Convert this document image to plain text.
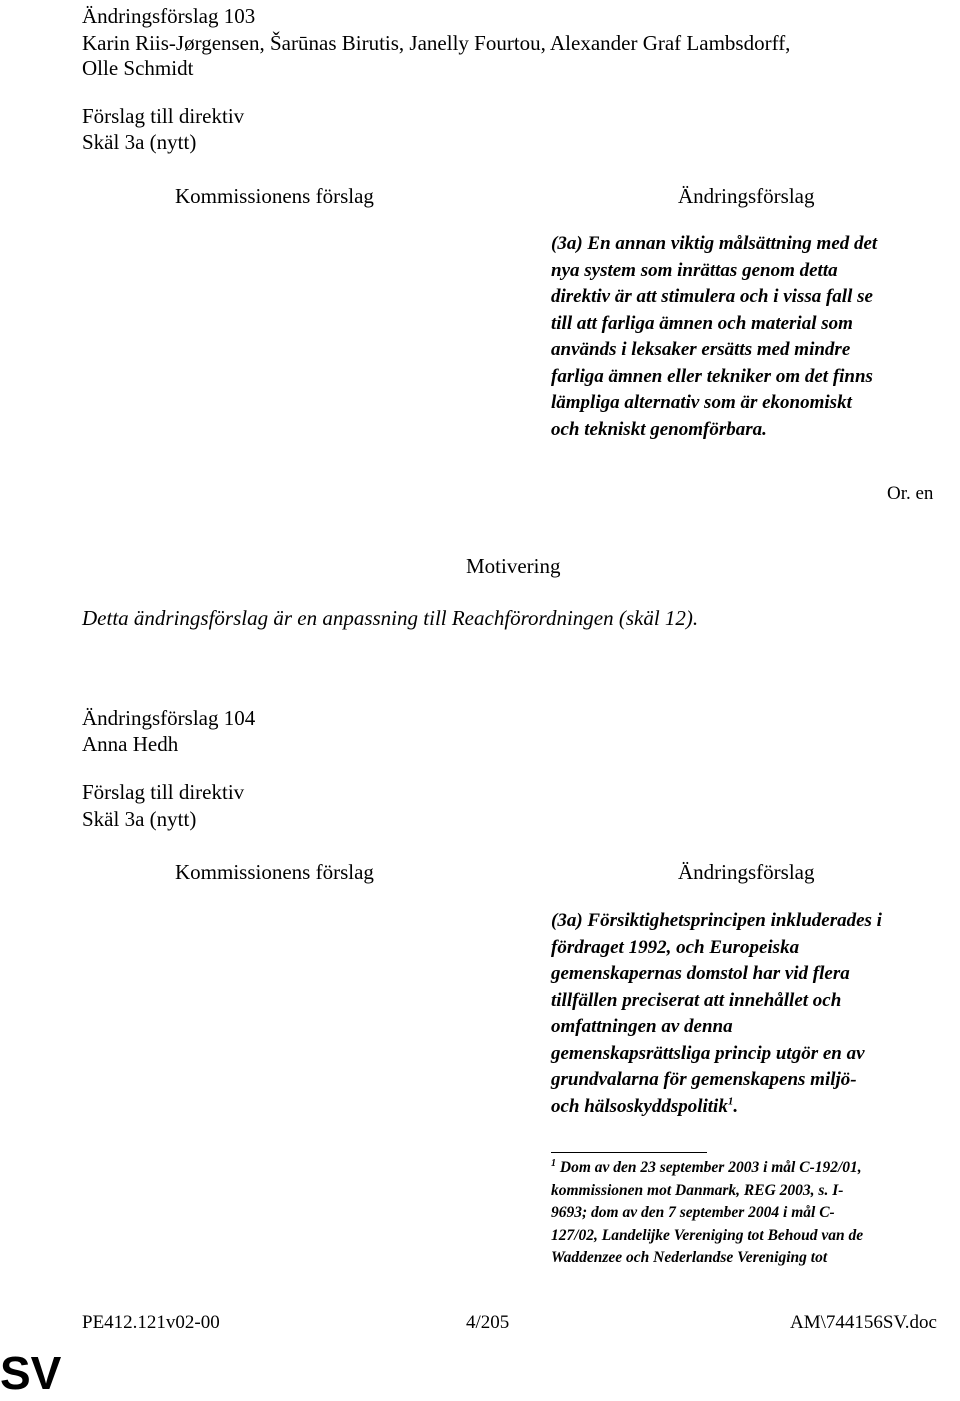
Ändringsförslag 103
Karin Riis-Jørgensen, Šarūnas Birutis, Janelly Fourtou, Alexander Graf Lambsdorff,
Olle Schmidt
Förslag till direktiv
Skäl 3a (nytt)
Kommissionens förslag	Ändringsförslag
(3a) En annan viktig målsättning med det
nya system som inrättas genom detta
direktiv är att stimulera och i vissa fall se
till att farliga ämnen och material som
används i leksaker ersätts med mindre
farliga ämnen eller tekniker om det finns
lämpliga alternativ som är ekonomiskt
och tekniskt genomförbara.
Or. en
Motivering
Detta ändringsförslag är en anpassning till Reachförordningen (skäl 12).
Ändringsförslag 104
Anna Hedh
Förslag till direktiv
Skäl 3a (nytt)
Kommissionens förslag	Ändringsförslag
(3a) Försiktighetsprincipen inkluderades i
fördraget 1992, och Europeiska
gemenskapernas domstol har vid flera
tillfällen preciserat att innehållet och
omfattningen av denna
gemenskapsrättsliga princip utgör en av
grundvalarna för gemenskapens miljö-
och hälsoskyddspolitik$^1$.
$^1$ Dom av den 23 september 2003 i mål C-192/01,
kommissionen mot Danmark, REG 2003, s. I-
9693; dom av den 7 september 2004 i mål C-
127/02, Landelijke Vereniging tot Behoud van de
Waddenzee och Nederlandse Vereniging tot
PE412.121v02-00	4/205	AM\744156SV.doc
SV
